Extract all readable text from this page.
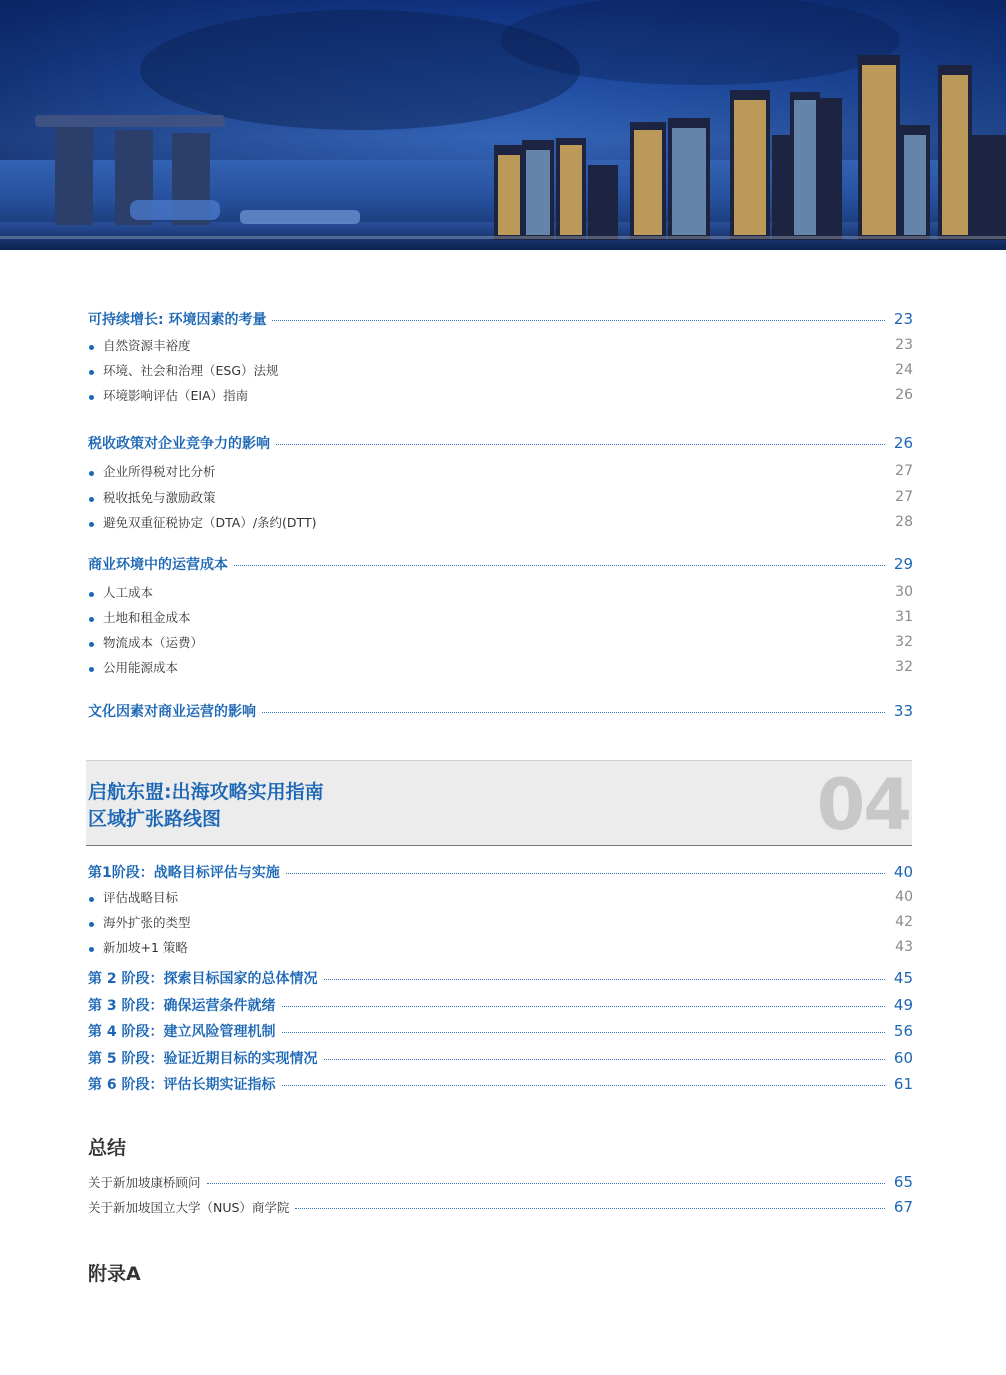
可持续增长: 环境因素的考量	23
自然资源丰裕度	23
环境、社会和治理（ESG）法规	24
环境影响评估（EIA）指南	26
税收政策对企业竞争力的影响	26
企业所得税对比分析	27
税收抵免与激励政策	27
避免双重征税协定（DTA）/条约(DTT)	28
商业环境中的运营成本	29
人工成本	30
土地和租金成本	31
物流成本（运费）	32
公用能源成本	32
文化因素对商业运营的影响	33
启航东盟:出海攻略实用指南
区域扩张路线图	04
第1阶段：战略目标评估与实施	40
评估战略目标	40
海外扩张的类型	42
新加坡+1 策略	43
第 2 阶段：探索目标国家的总体情况	45
第 3 阶段：确保运营条件就绪	49
第 4 阶段：建立风险管理机制	56
第 5 阶段：验证近期目标的实现情况	60
第 6 阶段：评估长期实证指标	61
总结
关于新加坡康桥顾问	65
关于新加坡国立大学（NUS）商学院	67
附录A
